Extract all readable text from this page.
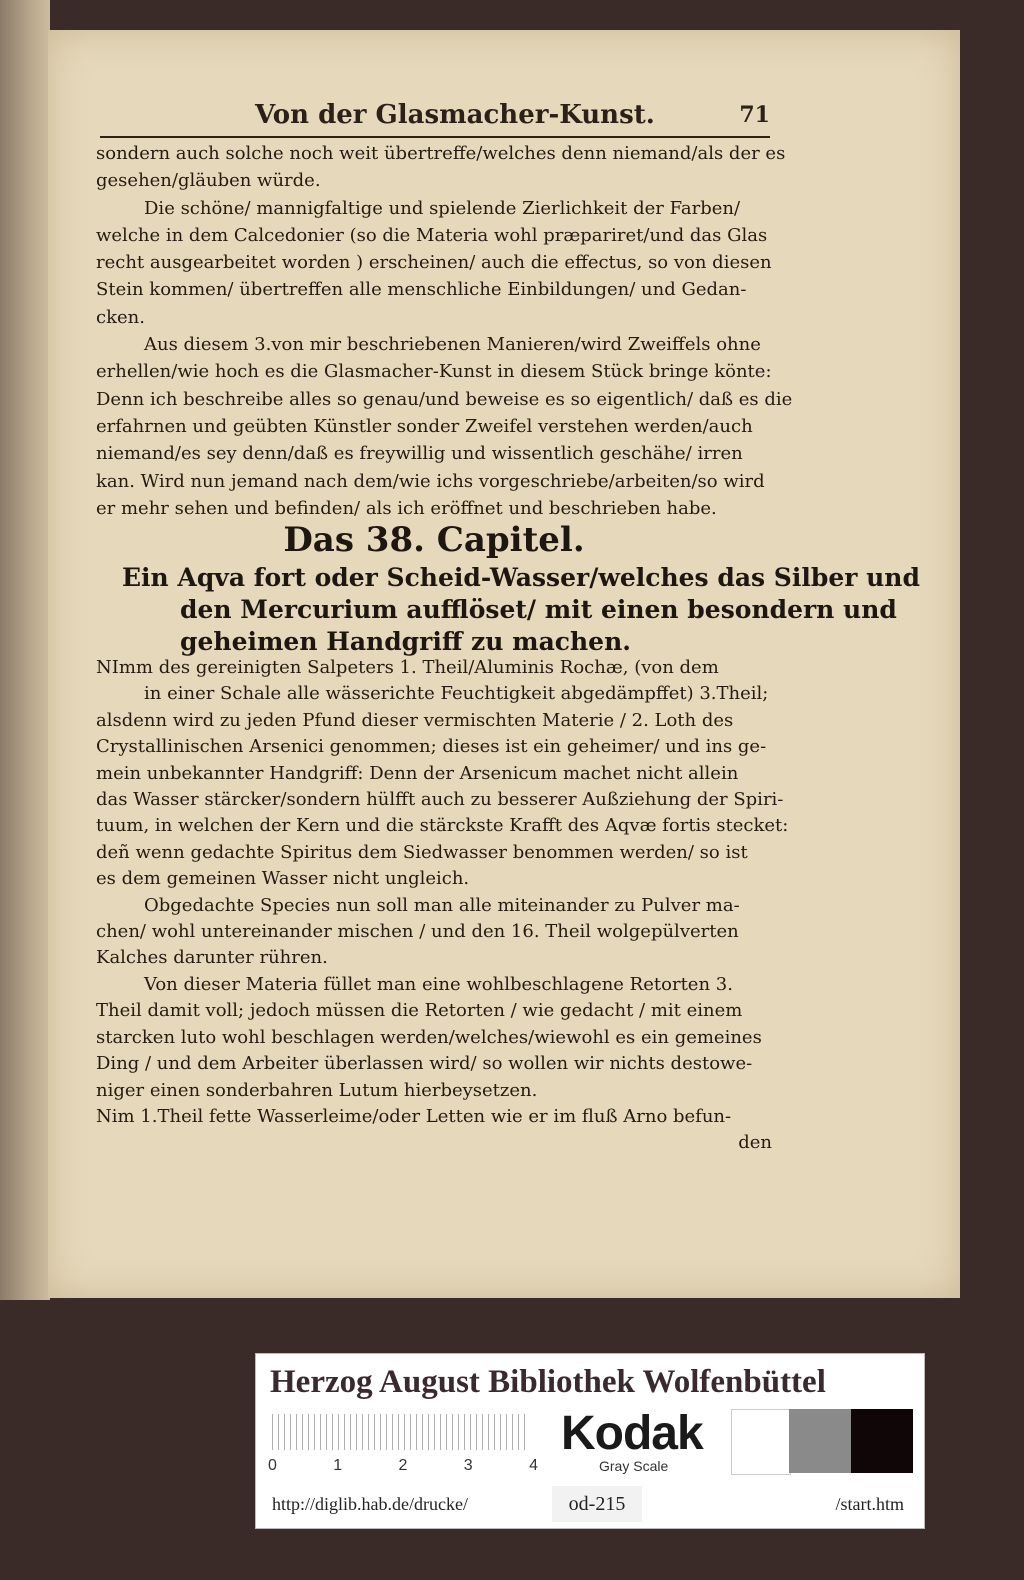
Von der Glasmacher-Kunst.	71
sondern auch solche noch weit übertreffe/welches denn niemand/als der es
gesehen/gläuben würde.
Die schöne/ mannigfaltige und spielende Zierlichkeit der Farben/
welche in dem Calcedonier (so die Materia wohl præpariret/und das Glas
recht ausgearbeitet worden ) erscheinen/ auch die effectus, so von diesen
Stein kommen/ übertreffen alle menschliche Einbildungen/ und Gedan-
cken.
Aus diesem 3.von mir beschriebenen Manieren/wird Zweiffels ohne
erhellen/wie hoch es die Glasmacher-Kunst in diesem Stück bringe könte:
Denn ich beschreibe alles so genau/und beweise es so eigentlich/ daß es die
erfahrnen und geübten Künstler sonder Zweifel verstehen werden/auch
niemand/es sey denn/daß es freywillig und wissentlich geschähe/ irren
kan. Wird nun jemand nach dem/wie ichs vorgeschriebe/arbeiten/so wird
er mehr sehen und befinden/ als ich eröffnet und beschrieben habe.
Das 38. Capitel.
Ein Aqva fort oder Scheid-Wasser/welches das Silber und
den Mercurium aufflöset/ mit einen besondern und
geheimen Handgriff zu machen.
NImm des gereinigten Salpeters 1. Theil/Aluminis Rochæ, (von dem
in einer Schale alle wässerichte Feuchtigkeit abgedämpffet) 3.Theil;
alsdenn wird zu jeden Pfund dieser vermischten Materie / 2. Loth des
Crystallinischen Arsenici genommen; dieses ist ein geheimer/ und ins ge-
mein unbekannter Handgriff: Denn der Arsenicum machet nicht allein
das Wasser stärcker/sondern hülfft auch zu besserer Außziehung der Spiri-
tuum, in welchen der Kern und die stärckste Krafft des Aqvæ fortis stecket:
deñ wenn gedachte Spiritus dem Siedwasser benommen werden/ so ist
es dem gemeinen Wasser nicht ungleich.
Obgedachte Species nun soll man alle miteinander zu Pulver ma-
chen/ wohl untereinander mischen / und den 16. Theil wolgepülverten
Kalches darunter rühren.
Von dieser Materia füllet man eine wohlbeschlagene Retorten 3.
Theil damit voll; jedoch müssen die Retorten / wie gedacht / mit einem
starcken luto wohl beschlagen werden/welches/wiewohl es ein gemeines
Ding / und dem Arbeiter überlassen wird/ so wollen wir nichts destowe-
niger einen sonderbahren Lutum hierbeysetzen.
Nim 1.Theil fette Wasserleime/oder Letten wie er im fluß Arno befun-
den
Herzog August Bibliothek Wolfenbüttel
0	1	2	3	4
Kodak
Gray Scale
http://diglib.hab.de/drucke/	od-215	/start.htm
